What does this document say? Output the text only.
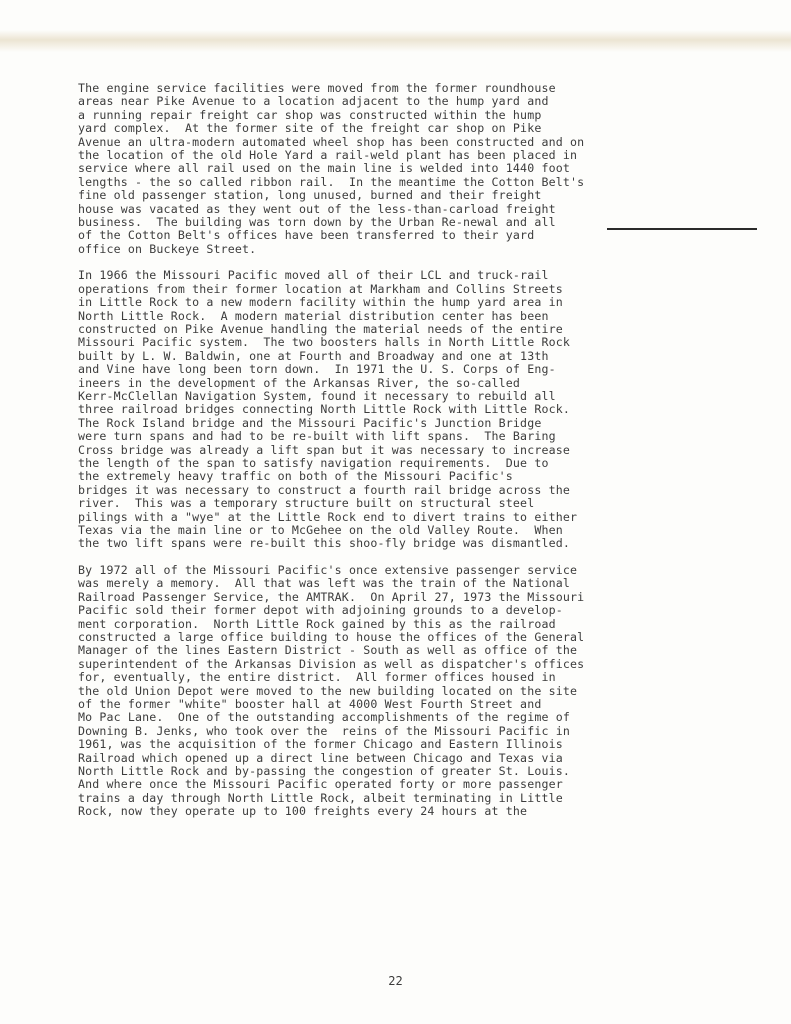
The engine service facilities were moved from the former roundhouse
areas near Pike Avenue to a location adjacent to the hump yard and
a running repair freight car shop was constructed within the hump
yard complex.  At the former site of the freight car shop on Pike
Avenue an ultra-modern automated wheel shop has been constructed and on
the location of the old Hole Yard a rail-weld plant has been placed in
service where all rail used on the main line is welded into 1440 foot
lengths - the so called ribbon rail.  In the meantime the Cotton Belt's
fine old passenger station, long unused, burned and their freight
house was vacated as they went out of the less-than-carload freight
business.  The building was torn down by the Urban Re-newal and all
of the Cotton Belt's offices have been transferred to their yard
office on Buckeye Street.
In 1966 the Missouri Pacific moved all of their LCL and truck-rail
operations from their former location at Markham and Collins Streets
in Little Rock to a new modern facility within the hump yard area in
North Little Rock.  A modern material distribution center has been
constructed on Pike Avenue handling the material needs of the entire
Missouri Pacific system.  The two boosters halls in North Little Rock
built by L. W. Baldwin, one at Fourth and Broadway and one at 13th
and Vine have long been torn down.  In 1971 the U. S. Corps of Eng-
ineers in the development of the Arkansas River, the so-called
Kerr-McClellan Navigation System, found it necessary to rebuild all
three railroad bridges connecting North Little Rock with Little Rock.
The Rock Island bridge and the Missouri Pacific's Junction Bridge
were turn spans and had to be re-built with lift spans.  The Baring
Cross bridge was already a lift span but it was necessary to increase
the length of the span to satisfy navigation requirements.  Due to
the extremely heavy traffic on both of the Missouri Pacific's
bridges it was necessary to construct a fourth rail bridge across the
river.  This was a temporary structure built on structural steel
pilings with a "wye" at the Little Rock end to divert trains to either
Texas via the main line or to McGehee on the old Valley Route.  When
the two lift spans were re-built this shoo-fly bridge was dismantled.
By 1972 all of the Missouri Pacific's once extensive passenger service
was merely a memory.  All that was left was the train of the National
Railroad Passenger Service, the AMTRAK.  On April 27, 1973 the Missouri
Pacific sold their former depot with adjoining grounds to a develop-
ment corporation.  North Little Rock gained by this as the railroad
constructed a large office building to house the offices of the General
Manager of the lines Eastern District - South as well as office of the
superintendent of the Arkansas Division as well as dispatcher's offices
for, eventually, the entire district.  All former offices housed in
the old Union Depot were moved to the new building located on the site
of the former "white" booster hall at 4000 West Fourth Street and
Mo Pac Lane.  One of the outstanding accomplishments of the regime of
Downing B. Jenks, who took over the  reins of the Missouri Pacific in
1961, was the acquisition of the former Chicago and Eastern Illinois
Railroad which opened up a direct line between Chicago and Texas via
North Little Rock and by-passing the congestion of greater St. Louis.
And where once the Missouri Pacific operated forty or more passenger
trains a day through North Little Rock, albeit terminating in Little
Rock, now they operate up to 100 freights every 24 hours at the
22
